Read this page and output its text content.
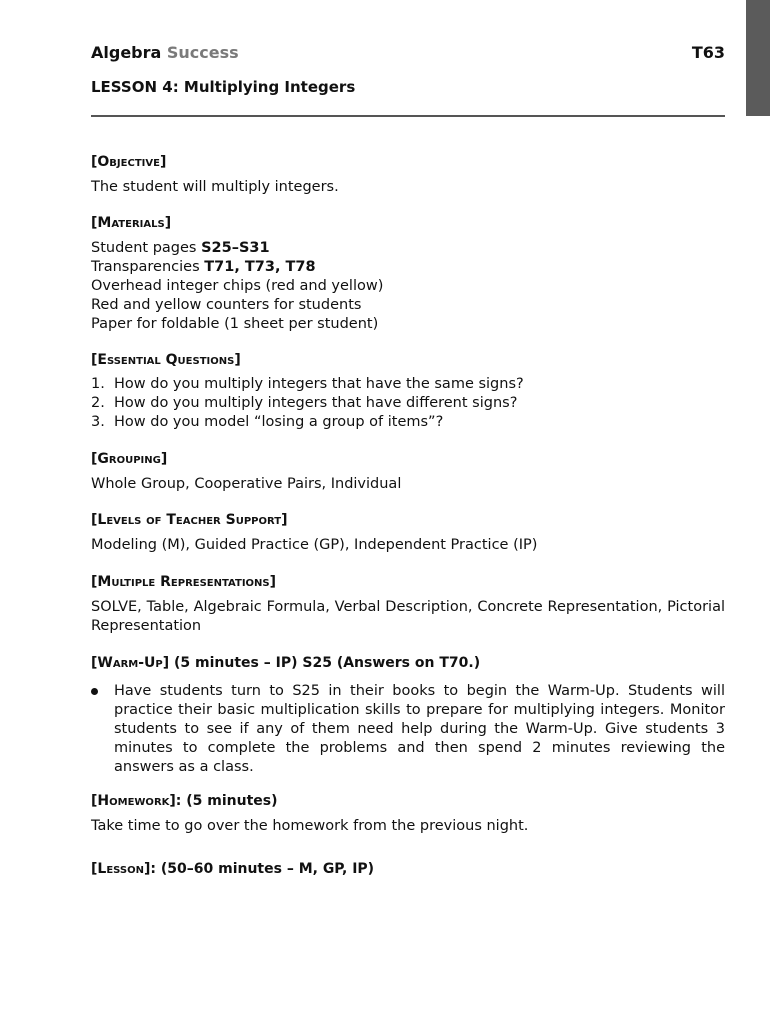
Algebra Success	T63
LESSON 4: Multiplying Integers
[Objective]
The student will multiply integers.
[Materials]
Student pages S25–S31
Transparencies T71, T73, T78
Overhead integer chips (red and yellow)
Red and yellow counters for students
Paper for foldable (1 sheet per student)
[Essential Questions]
1. How do you multiply integers that have the same signs?
2. How do you multiply integers that have different signs?
3. How do you model “losing a group of items”?
[Grouping]
Whole Group, Cooperative Pairs, Individual
[Levels of Teacher Support]
Modeling (M), Guided Practice (GP), Independent Practice (IP)
[Multiple Representations]
SOLVE, Table, Algebraic Formula, Verbal Description, Concrete Representation, Pictorial Representation
[Warm-Up] (5 minutes – IP) S25 (Answers on T70.)
Have students turn to S25 in their books to begin the Warm-Up. Students will practice their basic multiplication skills to prepare for multiplying integers. Monitor students to see if any of them need help during the Warm-Up. Give students 3 minutes to complete the problems and then spend 2 minutes reviewing the answers as a class.
[Homework]: (5 minutes)
Take time to go over the homework from the previous night.
[Lesson]: (50–60 minutes – M, GP, IP)
